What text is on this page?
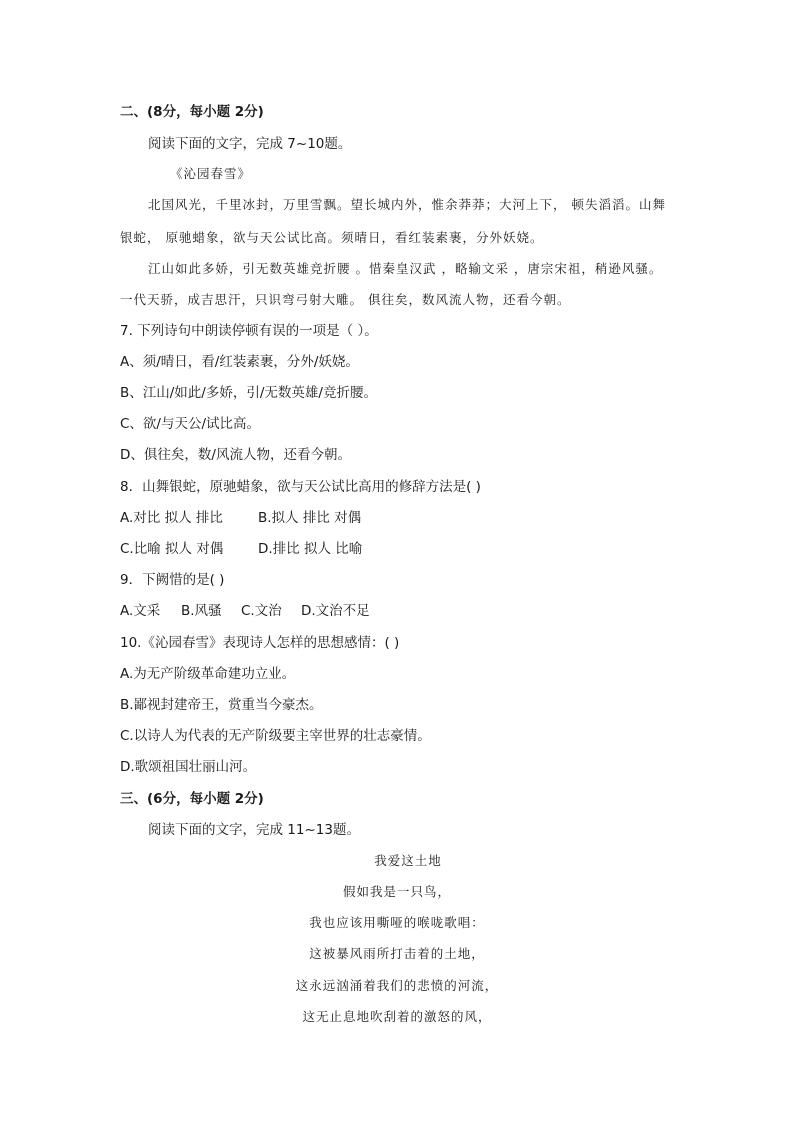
二、(8分，每小题 2分)
阅读下面的文字，完成 7~10题。
《沁园春雪》
北国风光，千里冰封，万里雪飘。望长城内外，惟余莽莽；大河上下， 顿失滔滔。山舞
银蛇， 原驰蜡象，欲与天公试比高。须晴日，看红装素裹，分外妖娆。
江山如此多娇，引无数英雄竞折腰 。惜秦皇汉武 ，略输文采 ，唐宗宋祖，稍逊风骚。
一代天骄，成吉思汗，只识弯弓射大雕。 俱往矣，数风流人物，还看今朝。
7. 下列诗句中朗读停顿有误的一项是（ ）。
A、须/晴日，看/红装素裹，分外/妖娆。
B、江山/如此/多娇，引/无数英雄/竞折腰。
C、欲/与天公/试比高。
D、俱往矣，数/风流人物，还看今朝。
8．山舞银蛇，原驰蜡象，欲与天公试比高用的修辞方法是( )
A.对比 拟人 排比	B.拟人 排比 对偶
C.比喻 拟人 对偶	D.排比 拟人 比喻
9．下阙惜的是( )
A.文采 B.风骚 C.文治 D.文治不足
10.《沁园春雪》表现诗人怎样的思想感情：( )
A.为无产阶级革命建功立业。
B.鄙视封建帝王，赏重当今豪杰。
C.以诗人为代表的无产阶级要主宰世界的壮志豪情。
D.歌颂祖国壮丽山河。
三、(6分，每小题 2分)
阅读下面的文字，完成 11~13题。
我爱这土地
假如我是一只鸟，
我也应该用嘶哑的喉咙歌唱：
这被暴风雨所打击着的土地，
这永远汹涌着我们的悲愤的河流，
这无止息地吹刮着的激怒的风，
